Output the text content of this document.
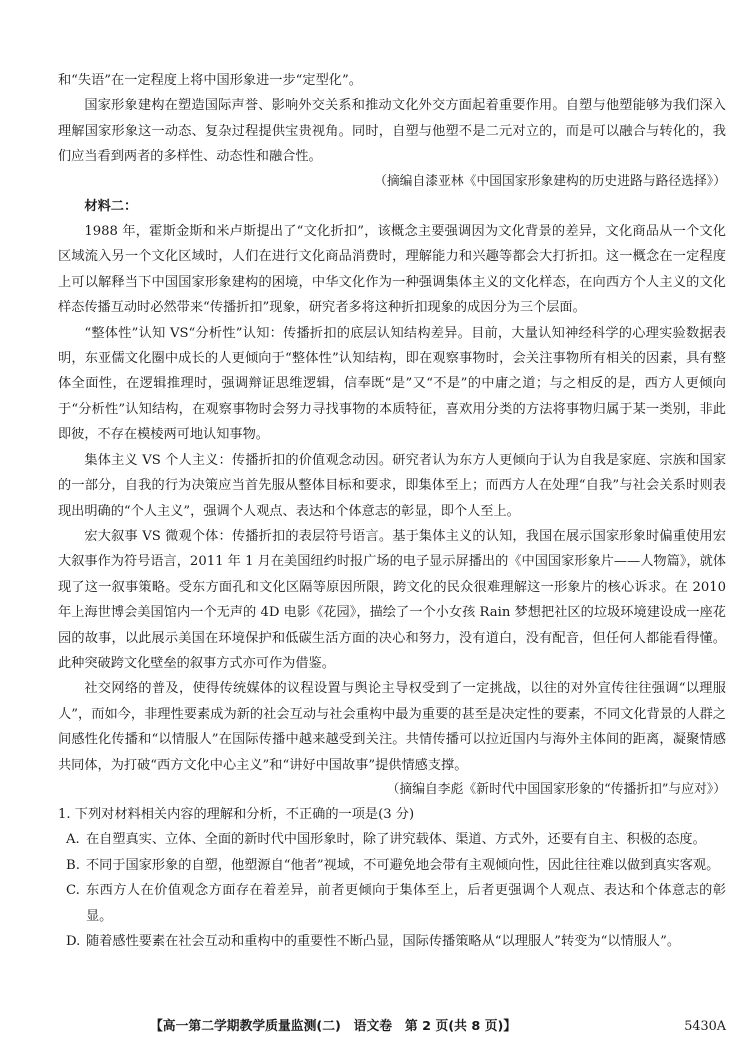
和“失语”在一定程度上将中国形象进一步“定型化”。

国家形象建构在塑造国际声誉、影响外交关系和推动文化外交方面起着重要作用。自塑与他塑能够为我们深入理解国家形象这一动态、复杂过程提供宝贵视角。同时，自塑与他塑不是二元对立的，而是可以融合与转化的，我们应当看到两者的多样性、动态性和融合性。

（摘编自漆亚林《中国国家形象建构的历史进路与路径选择》）

材料二：

1988 年，霍斯金斯和米卢斯提出了“文化折扣”，该概念主要强调因为文化背景的差异，文化商品从一个文化区域流入另一个文化区域时，人们在进行文化商品消费时，理解能力和兴趣等都会大打折扣。这一概念在一定程度上可以解释当下中国国家形象建构的困境，中华文化作为一种强调集体主义的文化样态，在向西方个人主义的文化样态传播互动时必然带来“传播折扣”现象，研究者多将这种折扣现象的成因分为三个层面。

“整体性”认知 VS“分析性”认知：传播折扣的底层认知结构差异。目前，大量认知神经科学的心理实验数据表明，东亚儒文化圈中成长的人更倾向于“整体性”认知结构，即在观察事物时，会关注事物所有相关的因素，具有整体全面性，在逻辑推理时，强调辩证思维逻辑，信奉既“是”又“不是”的中庸之道；与之相反的是，西方人更倾向于“分析性”认知结构，在观察事物时会努力寻找事物的本质特征，喜欢用分类的方法将事物归属于某一类别，非此即彼，不存在模棱两可地认知事物。

集体主义 VS 个人主义：传播折扣的价值观念动因。研究者认为东方人更倾向于认为自我是家庭、宗族和国家的一部分，自我的行为决策应当首先服从整体目标和要求，即集体至上；而西方人在处理“自我”与社会关系时则表现出明确的“个人主义”，强调个人观点、表达和个体意志的彰显，即个人至上。

宏大叙事 VS 微观个体：传播折扣的表层符号语言。基于集体主义的认知，我国在展示国家形象时偏重使用宏大叙事作为符号语言，2011 年 1 月在美国纽约时报广场的电子显示屏播出的《中国国家形象片——人物篇》，就体现了这一叙事策略。受东方面孔和文化区隔等原因所限，跨文化的民众很难理解这一形象片的核心诉求。在 2010 年上海世博会美国馆内一个无声的 4D 电影《花园》，描绘了一个小女孩 Rain 梦想把社区的垃圾环境建设成一座花园的故事，以此展示美国在环境保护和低碳生活方面的决心和努力，没有道白，没有配音，但任何人都能看得懂。此种突破跨文化壁垒的叙事方式亦可作为借鉴。

社交网络的普及，使得传统媒体的议程设置与舆论主导权受到了一定挑战，以往的对外宣传往往强调“以理服人”，而如今，非理性要素成为新的社会互动与社会重构中最为重要的甚至是决定性的要素，不同文化背景的人群之间感性化传播和“以情服人”在国际传播中越来越受到关注。共情传播可以拉近国内与海外主体间的距离，凝聚情感共同体，为打破“西方文化中心主义”和“讲好中国故事”提供情感支撑。

（摘编自李彪《新时代中国国家形象的“传播折扣”与应对》）

1. 下列对材料相关内容的理解和分析，不正确的一项是(3 分)

A. 在自塑真实、立体、全面的新时代中国形象时，除了讲究载体、渠道、方式外，还要有自主、积极的态度。
B. 不同于国家形象的自塑，他塑源自“他者”视域，不可避免地会带有主观倾向性，因此往往难以做到真实客观。
C. 东西方人在价值观念方面存在着差异，前者更倾向于集体至上，后者更强调个人观点、表达和个体意志的彰显。
D. 随着感性要素在社会互动和重构中的重要性不断凸显，国际传播策略从“以理服人”转变为“以情服人”。
【高一第二学期教学质量监测(二)　语文卷　第 2 页(共 8 页)】	5430A
